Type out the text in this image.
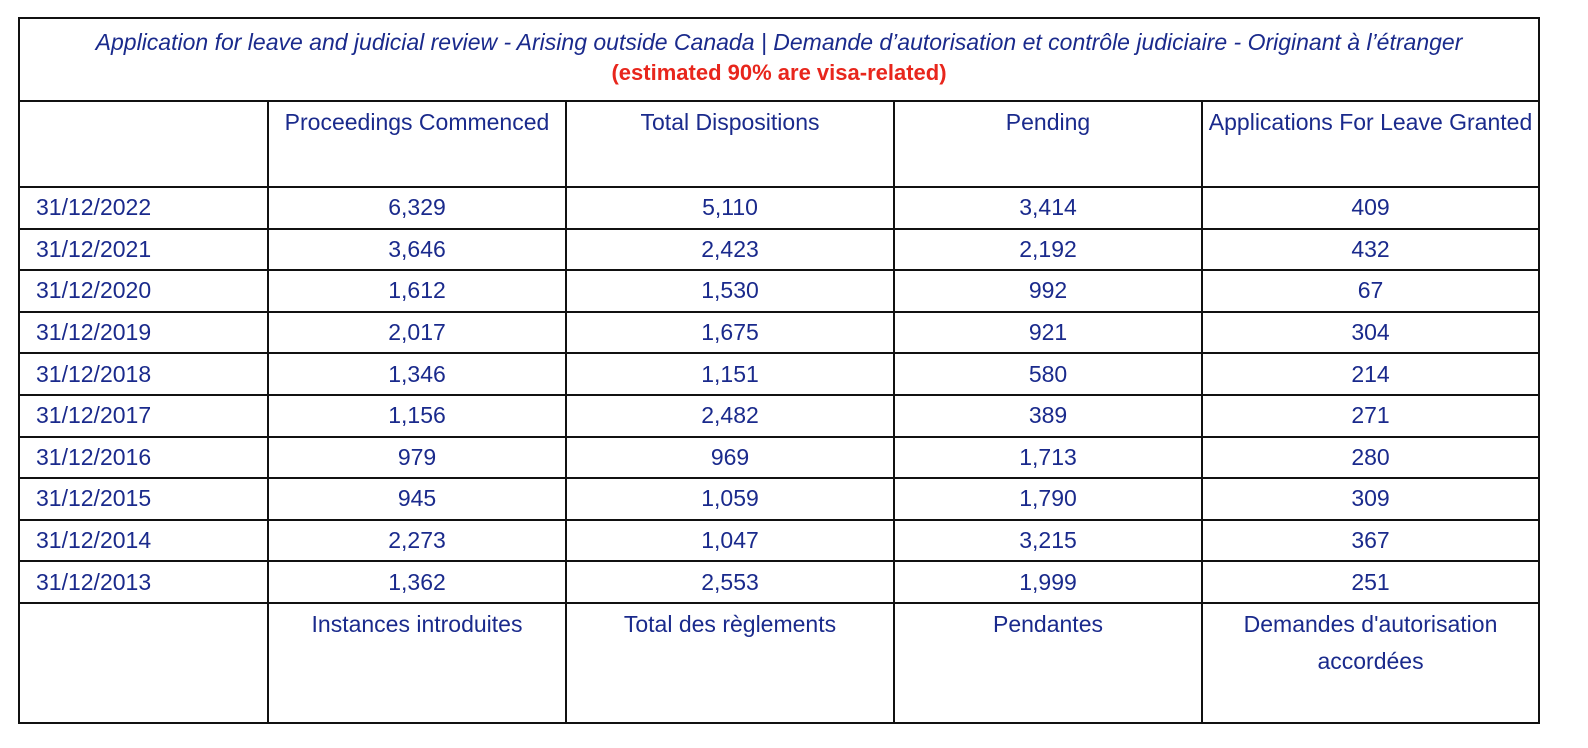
Application for leave and judicial review - Arising outside Canada | Demande d’autorisation et contrôle judiciaire - Originant à l’étranger
(estimated 90% are visa-related)				

	Proceedings Commenced	Total Dispositions	Pending	Applications For Leave Granted
31/12/2022	6,329	5,110	3,414	409
31/12/2021	3,646	2,423	2,192	432
31/12/2020	1,612	1,530	992	67
31/12/2019	2,017	1,675	921	304
31/12/2018	1,346	1,151	580	214
31/12/2017	1,156	2,482	389	271
31/12/2016	979	969	1,713	280
31/12/2015	945	1,059	1,790	309
31/12/2014	2,273	1,047	3,215	367
31/12/2013	1,362	2,553	1,999	251
	Instances introduites	Total des règlements	Pendantes	Demandes d'autorisation accordées
